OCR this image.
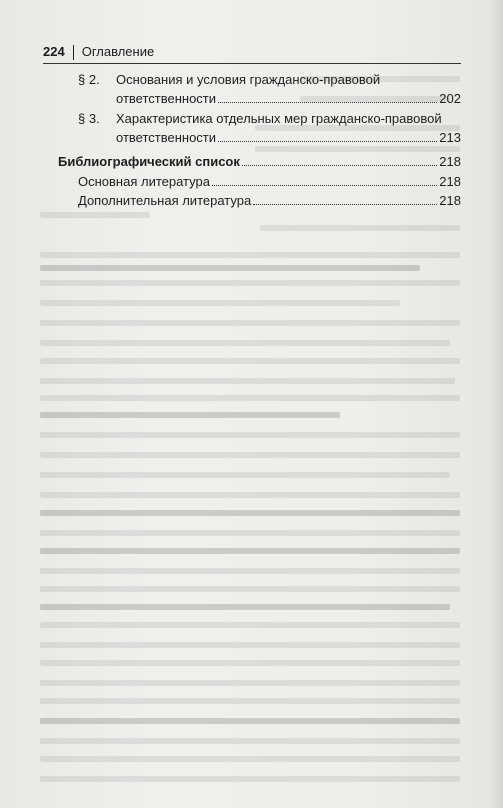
224 Оглавление
§ 2. Основания и условия гражданско-правовой
ответственности	202
§ 3. Характеристика отдельных мер гражданско-правовой
ответственности	213
Библиографический список	218
Основная литература	218
Дополнительная литература	218
